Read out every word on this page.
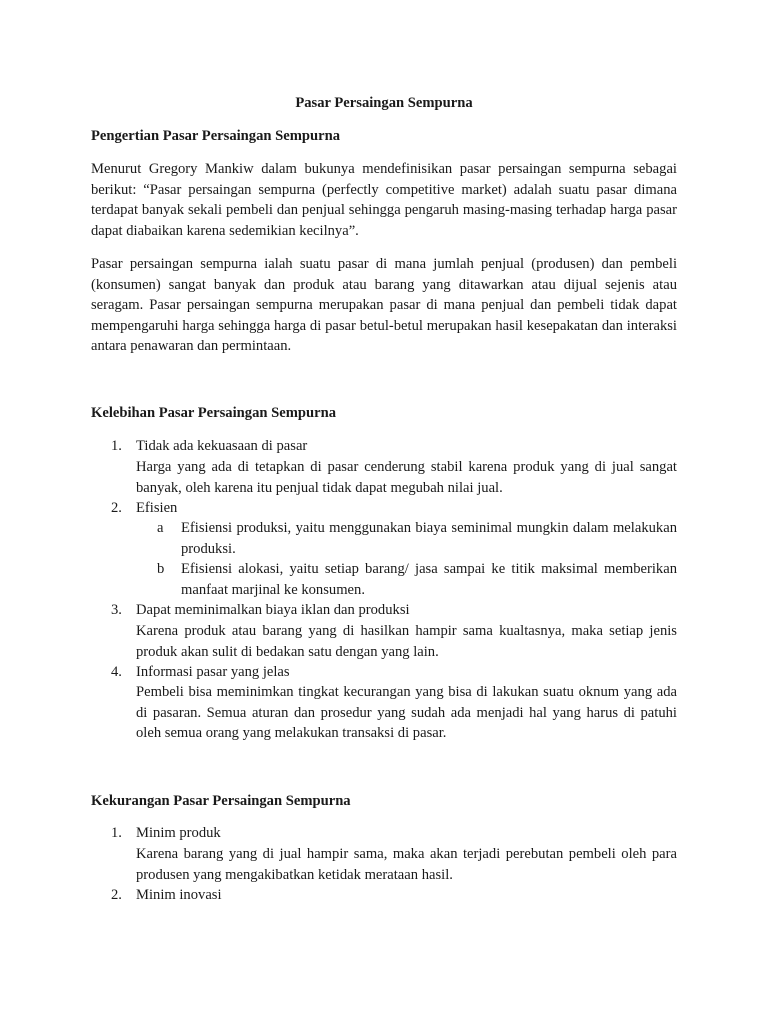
Pasar Persaingan Sempurna
Pengertian Pasar Persaingan Sempurna

Menurut Gregory Mankiw dalam bukunya mendefinisikan pasar persaingan sempurna sebagai berikut: “Pasar persaingan sempurna (perfectly competitive market) adalah suatu pasar dimana terdapat banyak sekali pembeli dan penjual sehingga pengaruh masing-masing terhadap harga pasar dapat diabaikan karena sedemikian kecilnya”.

Pasar persaingan sempurna ialah suatu pasar di mana jumlah penjual (produsen) dan pembeli (konsumen) sangat banyak dan produk atau barang yang ditawarkan atau dijual sejenis atau seragam. Pasar persaingan sempurna merupakan pasar di mana penjual dan pembeli tidak dapat mempengaruhi harga sehingga harga di pasar betul-betul merupakan hasil kesepakatan dan interaksi antara penawaran dan permintaan.

Kelebihan Pasar Persaingan Sempurna
1. Tidak ada kekuasaan di pasar

Harga yang ada di tetapkan di pasar cenderung stabil karena produk yang di jual sangat banyak, oleh karena itu penjual tidak dapat megubah nilai jual.

2. Efisien
a Efisiensi produksi, yaitu menggunakan biaya seminimal mungkin dalam melakukan produksi.

b Efisiensi alokasi, yaitu setiap barang/ jasa sampai ke titik maksimal memberikan manfaat marjinal ke konsumen.

3. Dapat meminimalkan biaya iklan dan produksi

Karena produk atau barang yang di hasilkan hampir sama kualtasnya, maka setiap jenis produk akan sulit di bedakan satu dengan yang lain.

4. Informasi pasar yang jelas

Pembeli bisa meminimkan tingkat kecurangan yang bisa di lakukan suatu oknum yang ada di pasaran. Semua aturan dan prosedur yang sudah ada menjadi hal yang harus di patuhi oleh semua orang yang melakukan transaksi di pasar.

Kekurangan Pasar Persaingan Sempurna
1. Minim produk

Karena barang yang di jual hampir sama, maka akan terjadi perebutan pembeli oleh para produsen yang mengakibatkan ketidak merataan hasil.

2. Minim inovasi
